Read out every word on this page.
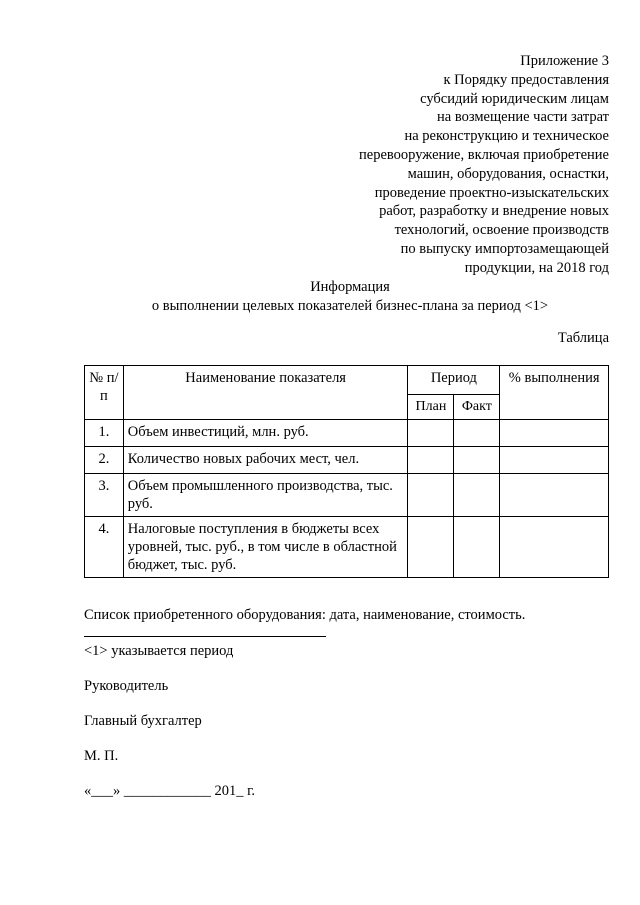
Приложение 3
к Порядку предоставления
субсидий юридическим лицам
на возмещение части затрат
на реконструкцию и техническое
перевооружение, включая приобретение
машин, оборудования, оснастки,
проведение проектно-изыскательских
работ, разработку и внедрение новых
технологий, освоение производств
по выпуску импортозамещающей
продукции, на 2018 год
Информация
о выполнении целевых показателей бизнес-плана за период <1>
Таблица
№ п/п	Наименование показателя	Период		% выполнения
		План	Факт	
1.	Объем инвестиций, млн. руб.			
2.	Количество новых рабочих мест, чел.			
3.	Объем промышленного производства, тыс. руб.			
4.	Налоговые поступления в бюджеты всех уровней, тыс. руб., в том числе в областной бюджет, тыс. руб.			
Список приобретенного оборудования: дата, наименование, стоимость.
<1> указывается период
Руководитель
Главный бухгалтер
М. П.
«___» ____________ 201_ г.
